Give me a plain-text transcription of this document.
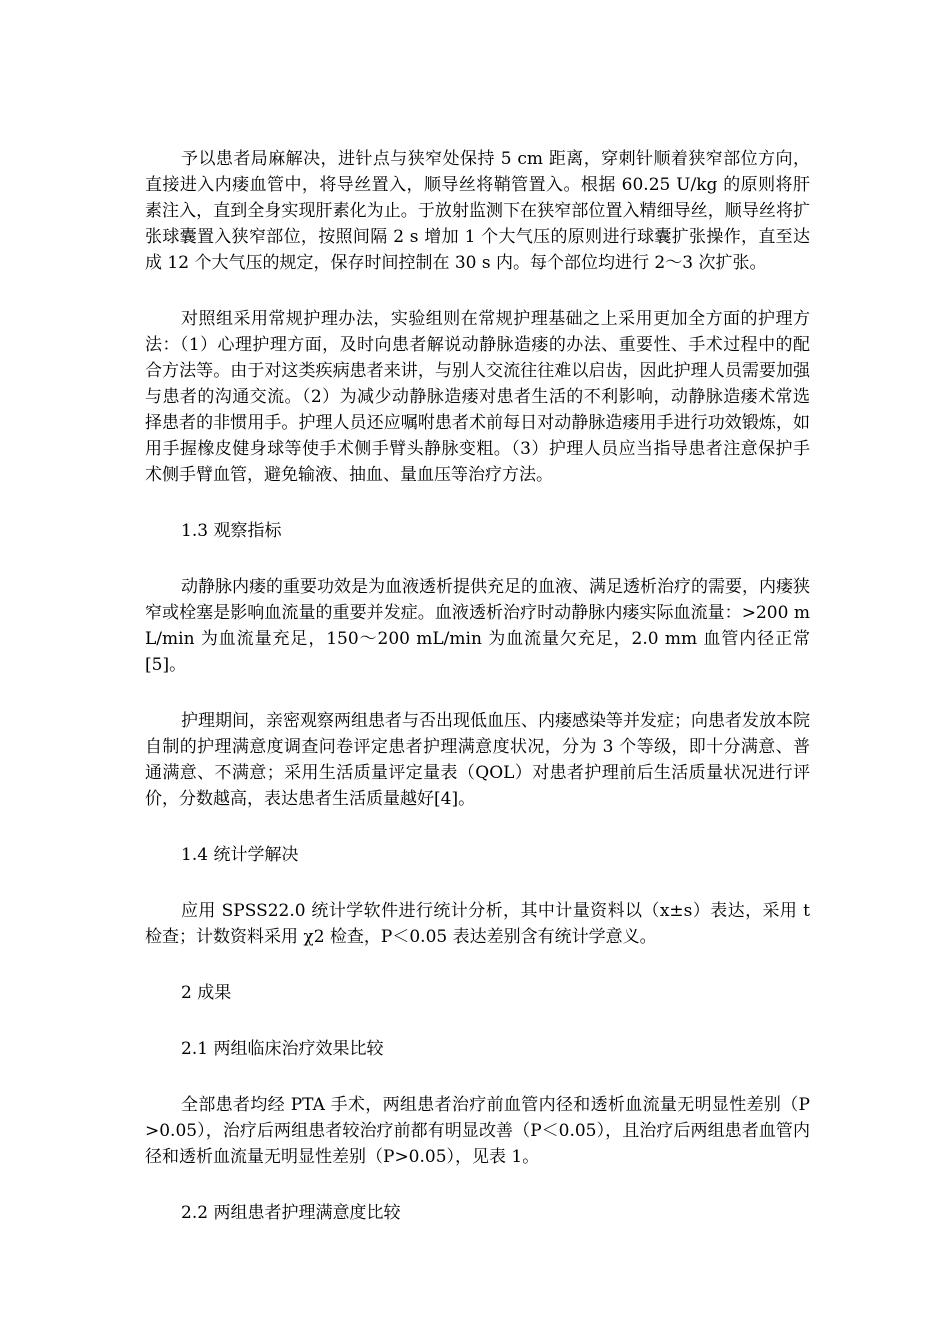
予以患者局麻解决，进针点与狭窄处保持 5 cm 距离，穿刺针顺着狭窄部位方向，直接进入内瘘血管中，将导丝置入，顺导丝将鞘管置入。根据 60.25 U/kg 的原则将肝素注入，直到全身实现肝素化为止。于放射监测下在狭窄部位置入精细导丝，顺导丝将扩张球囊置入狭窄部位，按照间隔 2 s 增加 1 个大气压的原则进行球囊扩张操作，直至达成 12 个大气压的规定，保存时间控制在 30 s 内。每个部位均进行 2～3 次扩张。

对照组采用常规护理办法，实验组则在常规护理基础之上采用更加全方面的护理方法：（1）心理护理方面，及时向患者解说动静脉造瘘的办法、重要性、手术过程中的配合方法等。由于对这类疾病患者来讲，与别人交流往往难以启齿，因此护理人员需要加强与患者的沟通交流。（2）为减少动静脉造瘘对患者生活的不利影响，动静脉造瘘术常选择患者的非惯用手。护理人员还应嘱咐患者术前每日对动静脉造瘘用手进行功效锻炼，如用手握橡皮健身球等使手术侧手臂头静脉变粗。（3）护理人员应当指导患者注意保护手术侧手臂血管，避免输液、抽血、量血压等治疗方法。

1.3 观察指标

动静脉内瘘的重要功效是为血液透析提供充足的血液、满足透析治疗的需要，内瘘狭窄或栓塞是影响血流量的重要并发症。血液透析治疗时动静脉内瘘实际血流量：>200 mL/min 为血流量充足，150～200 mL/min 为血流量欠充足，2.0 mm 血管内径正常[5]。

护理期间，亲密观察两组患者与否出现低血压、内瘘感染等并发症；向患者发放本院自制的护理满意度调查问卷评定患者护理满意度状况，分为 3 个等级，即十分满意、普通满意、不满意；采用生活质量评定量表（QOL）对患者护理前后生活质量状况进行评价，分数越高，表达患者生活质量越好[4]。

1.4 统计学解决

应用 SPSS22.0 统计学软件进行统计分析，其中计量资料以（x±s）表达，采用 t 检查；计数资料采用 χ2 检查，P＜0.05 表达差别含有统计学意义。

2 成果

2.1 两组临床治疗效果比较

全部患者均经 PTA 手术，两组患者治疗前血管内径和透析血流量无明显性差别（P>0.05），治疗后两组患者较治疗前都有明显改善（P＜0.05），且治疗后两组患者血管内径和透析血流量无明显性差别（P>0.05），见表 1。

2.2 两组患者护理满意度比较
